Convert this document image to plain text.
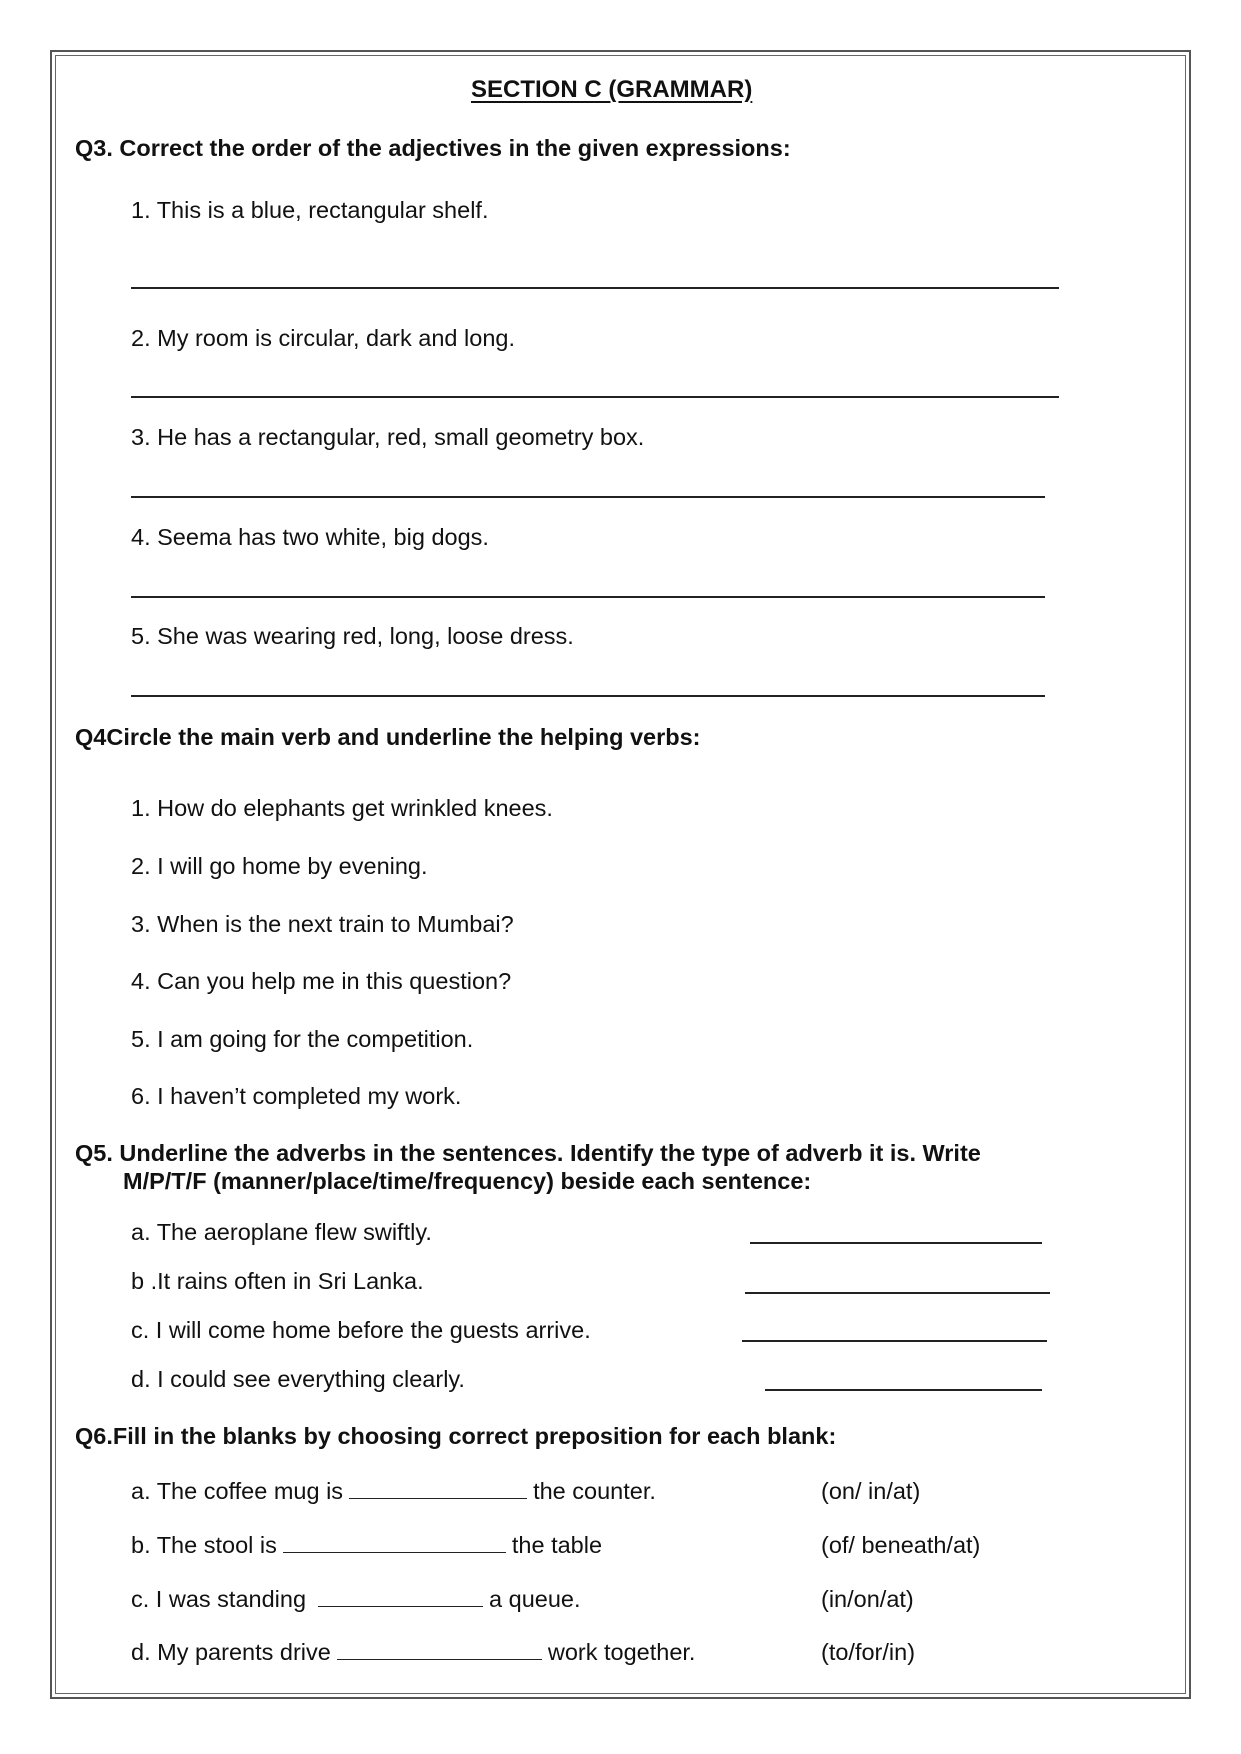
SECTION C (GRAMMAR)
Q3. Correct the order of the adjectives in the given expressions:
1. This is a blue, rectangular shelf.
2. My room is circular, dark and long.
3. He has a rectangular, red, small geometry box.
4. Seema has two white, big dogs.
5. She was wearing red, long, loose dress.
Q4Circle the main verb and underline the helping verbs:
1. How do elephants get wrinkled knees.
2. I will go home by evening.
3. When is the next train to Mumbai?
4. Can you help me in this question?
5. I am going for the competition.
6. I haven’t completed my work.
Q5. Underline the adverbs in the sentences. Identify the type of adverb it is. Write
M/P/T/F (manner/place/time/frequency) beside each sentence:
a. The aeroplane flew swiftly.
b .It rains often in Sri Lanka.
c. I will come home before the guests arrive.
d. I could see everything clearly.
Q6.Fill in the blanks by choosing correct preposition for each blank:
a. The coffee mug is	the counter.	(on/ in/at)
b. The stool is	the table	(of/ beneath/at)
c. I was standing	a queue.	(in/on/at)
d. My parents drive	work together.	(to/for/in)
